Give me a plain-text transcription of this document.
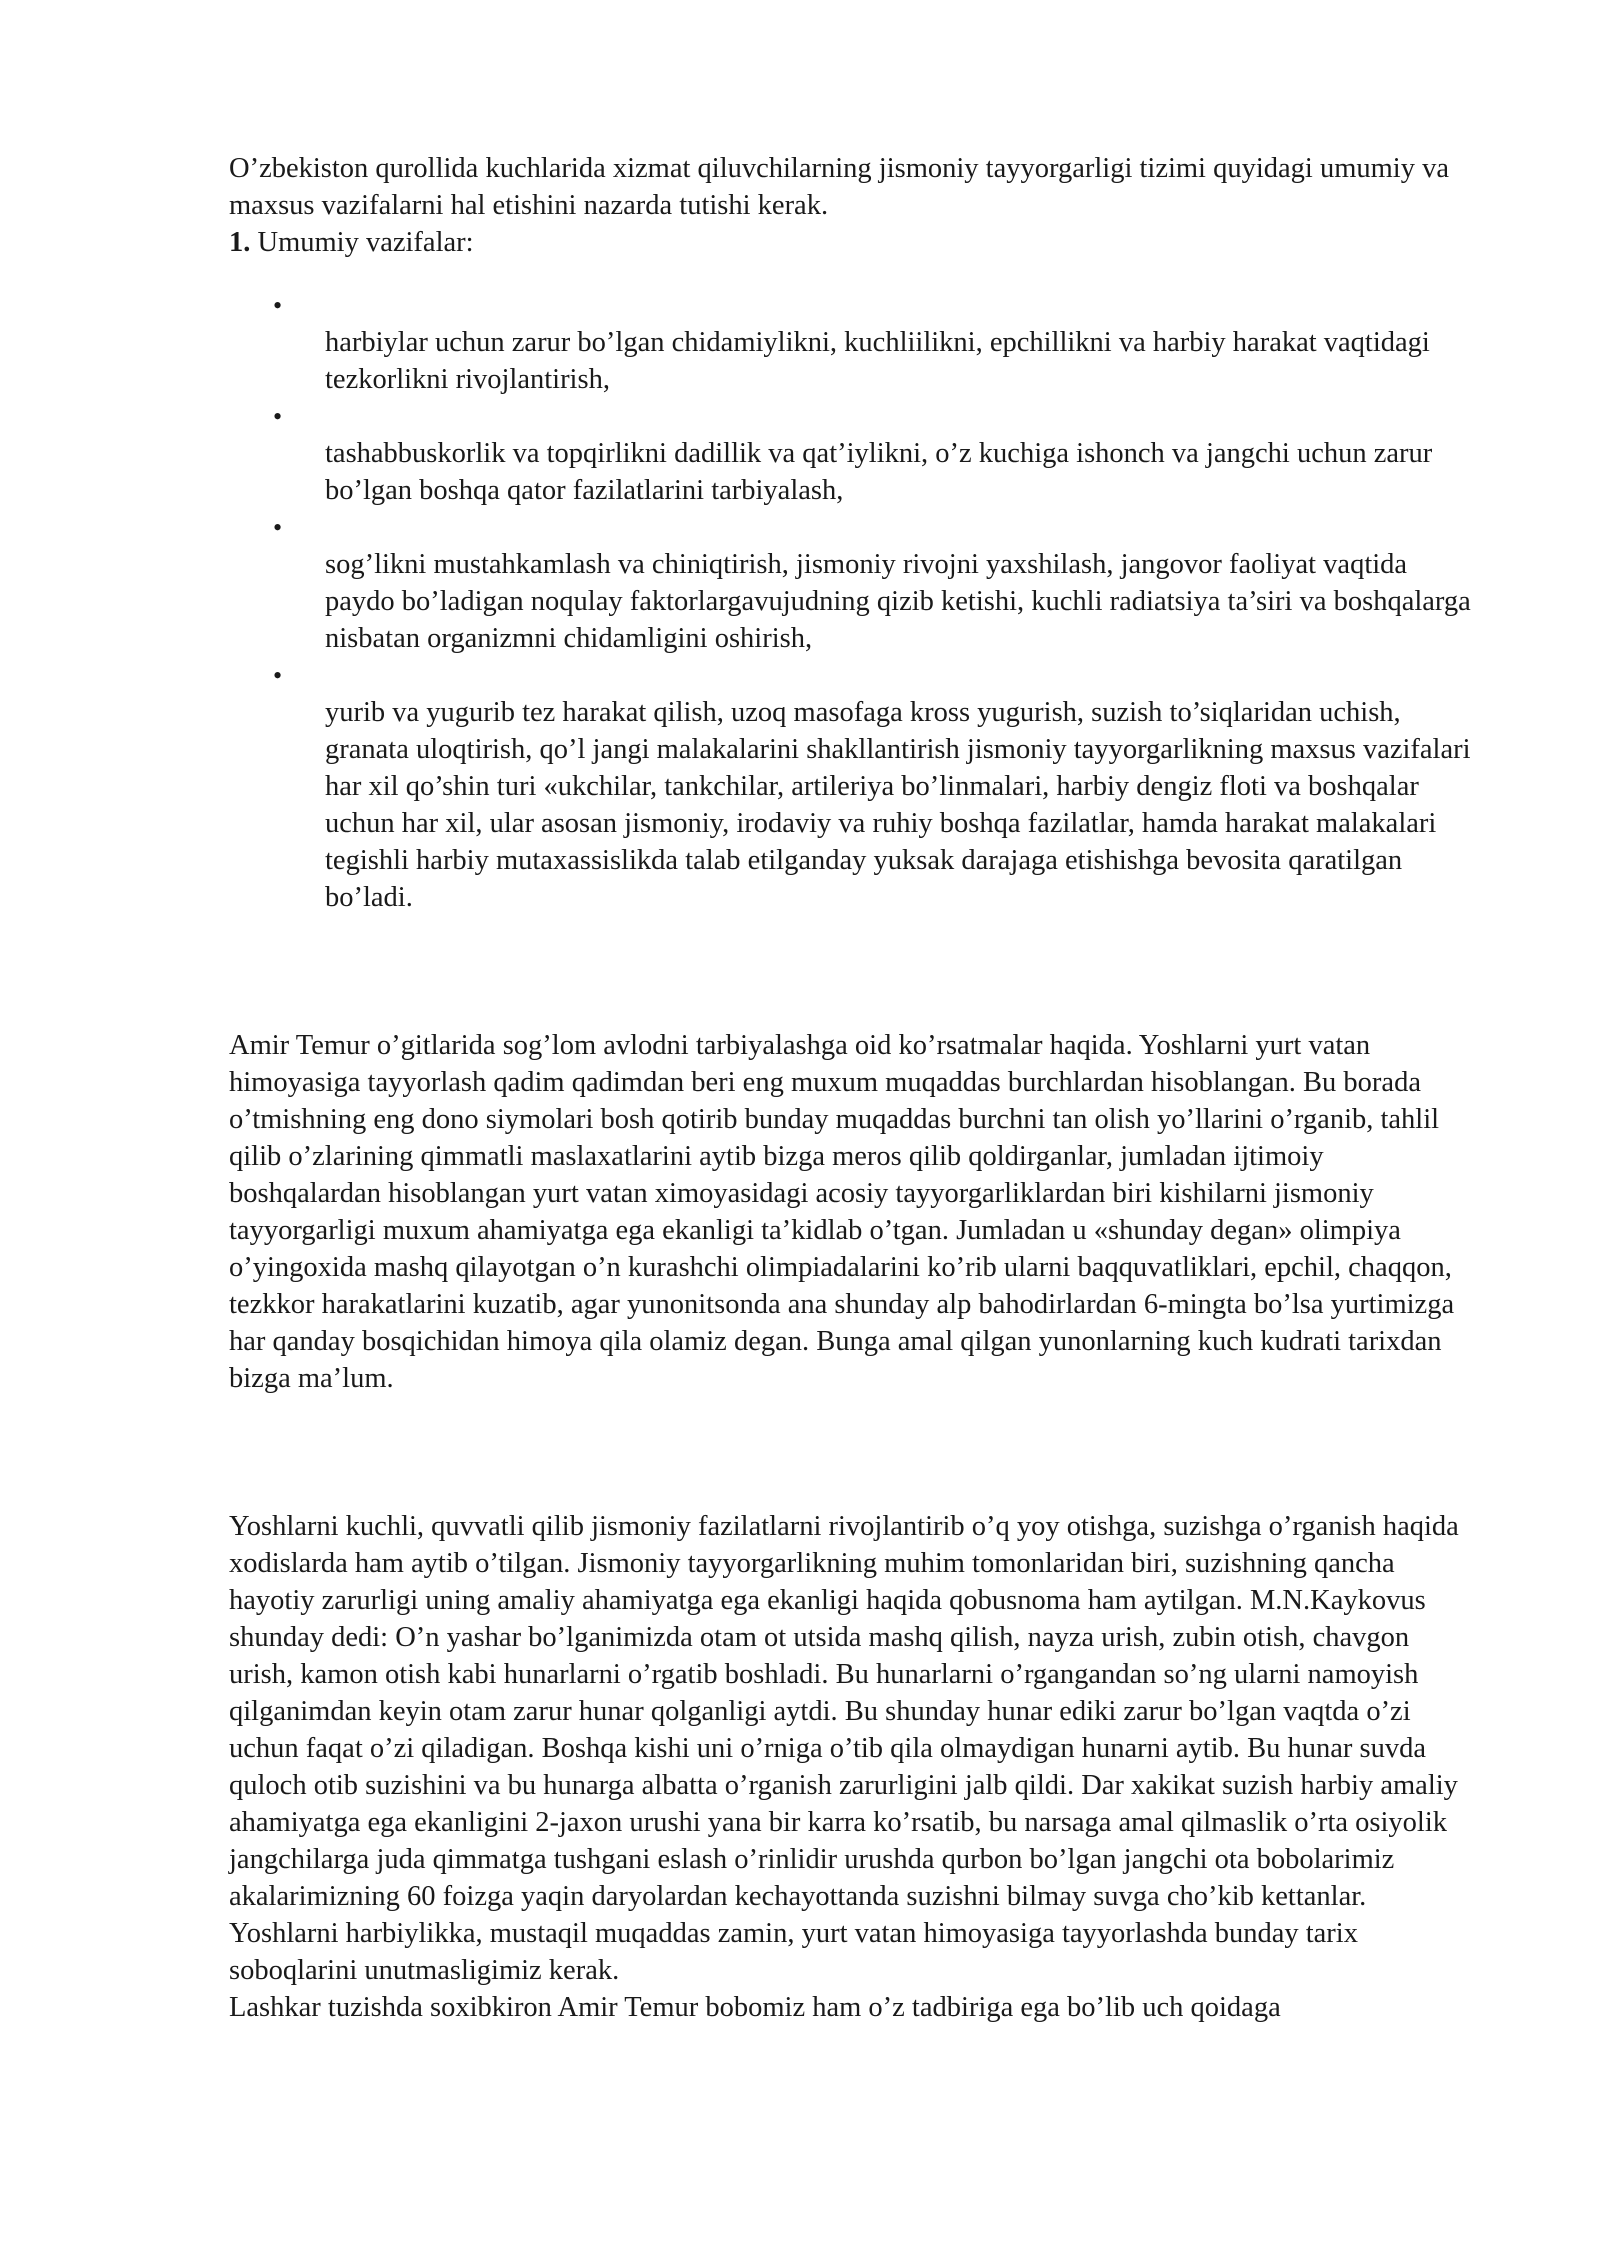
O’zbekiston qurollida kuchlarida xizmat qiluvchilarning jismoniy tayyorgarligi tizimi quyidagi umumiy va maxsus vazifalarni hal etishini nazarda tutishi kerak.

1. Umumiy vazifalar:

•
harbiylar uchun zarur bo’lgan chidamiylikni, kuchliilikni, epchillikni va harbiy harakat vaqtidagi tezkorlikni rivojlantirish,
•
tashabbuskorlik va topqirlikni dadillik va qat’iylikni, o’z kuchiga ishonch va jangchi uchun zarur bo’lgan boshqa qator fazilatlarini tarbiyalash,
•
sog’likni mustahkamlash va chiniqtirish, jismoniy rivojni yaxshilash, jangovor faoliyat vaqtida paydo bo’ladigan noqulay faktorlargavujudning qizib ketishi, kuchli radiatsiya ta’siri va boshqalarga nisbatan organizmni chidamligini oshirish,
•
yurib va yugurib tez harakat qilish, uzoq masofaga kross yugurish, suzish to’siqlaridan uchish, granata uloqtirish, qo’l jangi malakalarini shakllantirish jismoniy tayyorgarlikning maxsus vazifalari har xil qo’shin turi «ukchilar, tankchilar, artileriya bo’linmalari, harbiy dengiz floti va boshqalar uchun har xil, ular asosan jismoniy, irodaviy va ruhiy boshqa fazilatlar, hamda harakat malakalari tegishli harbiy mutaxassislikda talab etilganday yuksak darajaga etishishga bevosita qaratilgan bo’ladi.

Amir Temur o’gitlarida sog’lom avlodni tarbiyalashga oid ko’rsatmalar haqida. Yoshlarni yurt vatan himoyasiga tayyorlash qadim qadimdan beri eng muxum muqaddas burchlardan hisoblangan. Bu borada o’tmishning eng dono siymolari bosh qotirib bunday muqaddas burchni tan olish yo’llarini o’rganib, tahlil qilib o’zlarining qimmatli maslaxatlarini aytib bizga meros qilib qoldirganlar, jumladan ijtimoiy boshqalardan hisoblangan yurt vatan ximoyasidagi acosiy tayyorgarliklardan biri kishilarni jismoniy tayyorgarligi muxum ahamiyatga ega ekanligi ta’kidlab o’tgan. Jumladan u «shunday degan» olimpiya o’yingoxida mashq qilayotgan o’n kurashchi olimpiadalarini ko’rib ularni baqquvatliklari, epchil, chaqqon, tezkkor harakatlarini kuzatib, agar yunonitsonda ana shunday alp bahodirlardan 6-mingta bo’lsa yurtimizga har qanday bosqichidan himoya qila olamiz degan. Bunga amal qilgan yunonlarning kuch kudrati tarixdan bizga ma’lum.

Yoshlarni kuchli, quvvatli qilib jismoniy fazilatlarni rivojlantirib o’q yoy otishga, suzishga o’rganish haqida xodislarda ham aytib o’tilgan. Jismoniy tayyorgarlikning muhim tomonlaridan biri, suzishning qancha hayotiy zarurligi uning amaliy ahamiyatga ega ekanligi haqida qobusnoma ham aytilgan. M.N.Kaykovus shunday dedi: O’n yashar bo’lganimizda otam ot utsida mashq qilish, nayza urish, zubin otish, chavgon urish, kamon otish kabi hunarlarni o’rgatib boshladi. Bu hunarlarni o’rgangandan so’ng ularni namoyish qilganimdan keyin otam zarur hunar qolganligi aytdi. Bu shunday hunar ediki zarur bo’lgan vaqtda o’zi uchun faqat o’zi qiladigan. Boshqa kishi uni o’rniga o’tib qila olmaydigan hunarni aytib. Bu hunar suvda quloch otib suzishini va bu hunarga albatta o’rganish zarurligini jalb qildi. Dar xakikat suzish harbiy amaliy ahamiyatga ega ekanligini 2-jaxon urushi yana bir karra ko’rsatib, bu narsaga amal qilmaslik o’rta osiyolik jangchilarga juda qimmatga tushgani eslash o’rinlidir urushda qurbon bo’lgan jangchi ota bobolarimiz akalarimizning 60 foizga yaqin daryolardan kechayottanda suzishni bilmay suvga cho’kib kettanlar. Yoshlarni harbiylikka, mustaqil muqaddas zamin, yurt vatan himoyasiga tayyorlashda bunday tarix soboqlarini unutmasligimiz kerak.

Lashkar tuzishda soxibkiron Amir Temur bobomiz ham o’z tadbiriga ega bo’lib uch qoidaga
